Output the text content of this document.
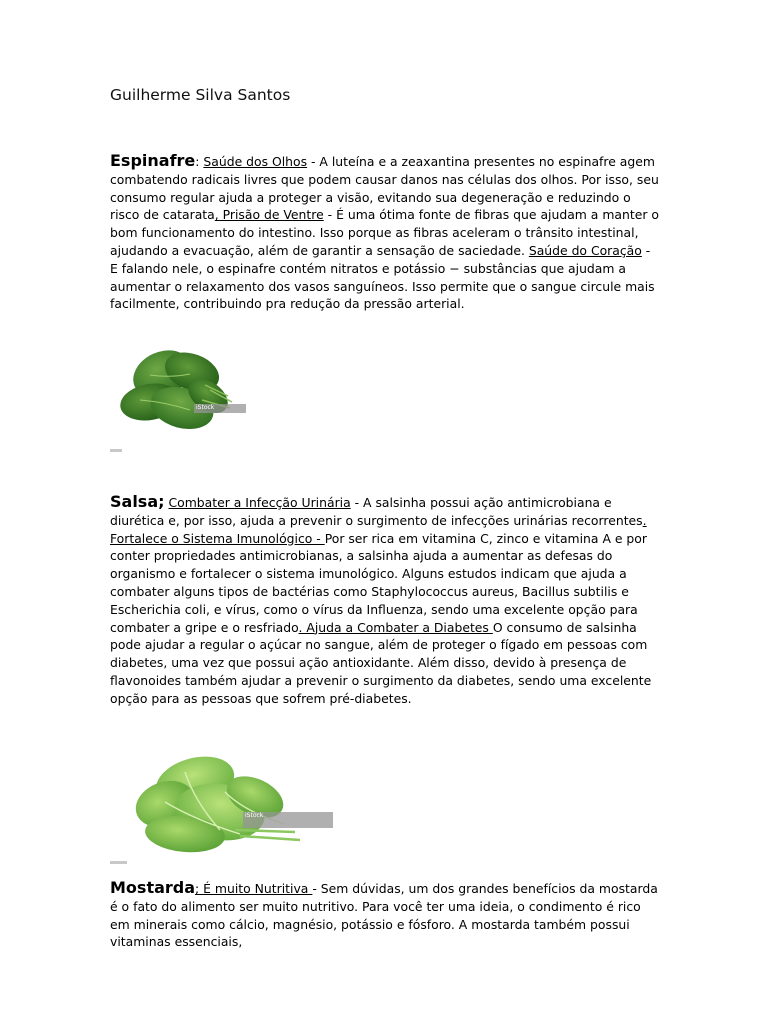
Guilherme Silva Santos
Espinafre: Saúde dos Olhos - A luteína e a zeaxantina presentes no espinafre agem combatendo radicais livres que podem causar danos nas células dos olhos. Por isso, seu consumo regular ajuda a proteger a visão, evitando sua degeneração e reduzindo o risco de catarata, Prisão de Ventre - É uma ótima fonte de fibras que ajudam a manter o bom funcionamento do intestino. Isso porque as fibras aceleram o trânsito intestinal, ajudando a evacuação, além de garantir a sensação de saciedade. Saúde do Coração - E falando nele, o espinafre contém nitratos e potássio − substâncias que ajudam a aumentar o relaxamento dos vasos sanguíneos. Isso permite que o sangue circule mais facilmente, contribuindo pra redução da pressão arterial.
iStock
Salsa; Combater a Infecção Urinária - A salsinha possui ação antimicrobiana e diurética e, por isso, ajuda a prevenir o surgimento de infecções urinárias recorrentes. Fortalece o Sistema Imunológico - Por ser rica em vitamina C, zinco e vitamina A e por conter propriedades antimicrobianas, a salsinha ajuda a aumentar as defesas do organismo e fortalecer o sistema imunológico. Alguns estudos indicam que ajuda a combater alguns tipos de bactérias como Staphylococcus aureus, Bacillus subtilis e Escherichia coli, e vírus, como o vírus da Influenza, sendo uma excelente opção para combater a gripe e o resfriado. Ajuda a Combater a Diabetes O consumo de salsinha pode ajudar a regular o açúcar no sangue, além de proteger o fígado em pessoas com diabetes, uma vez que possui ação antioxidante. Além disso, devido à presença de flavonoides também ajudar a prevenir o surgimento da diabetes, sendo uma excelente opção para as pessoas que sofrem pré-diabetes.
iStock
Mostarda; É muito Nutritiva - Sem dúvidas, um dos grandes benefícios da mostarda é o fato do alimento ser muito nutritivo. Para você ter uma ideia, o condimento é rico em minerais como cálcio, magnésio, potássio e fósforo. A mostarda também possui vitaminas essenciais,
